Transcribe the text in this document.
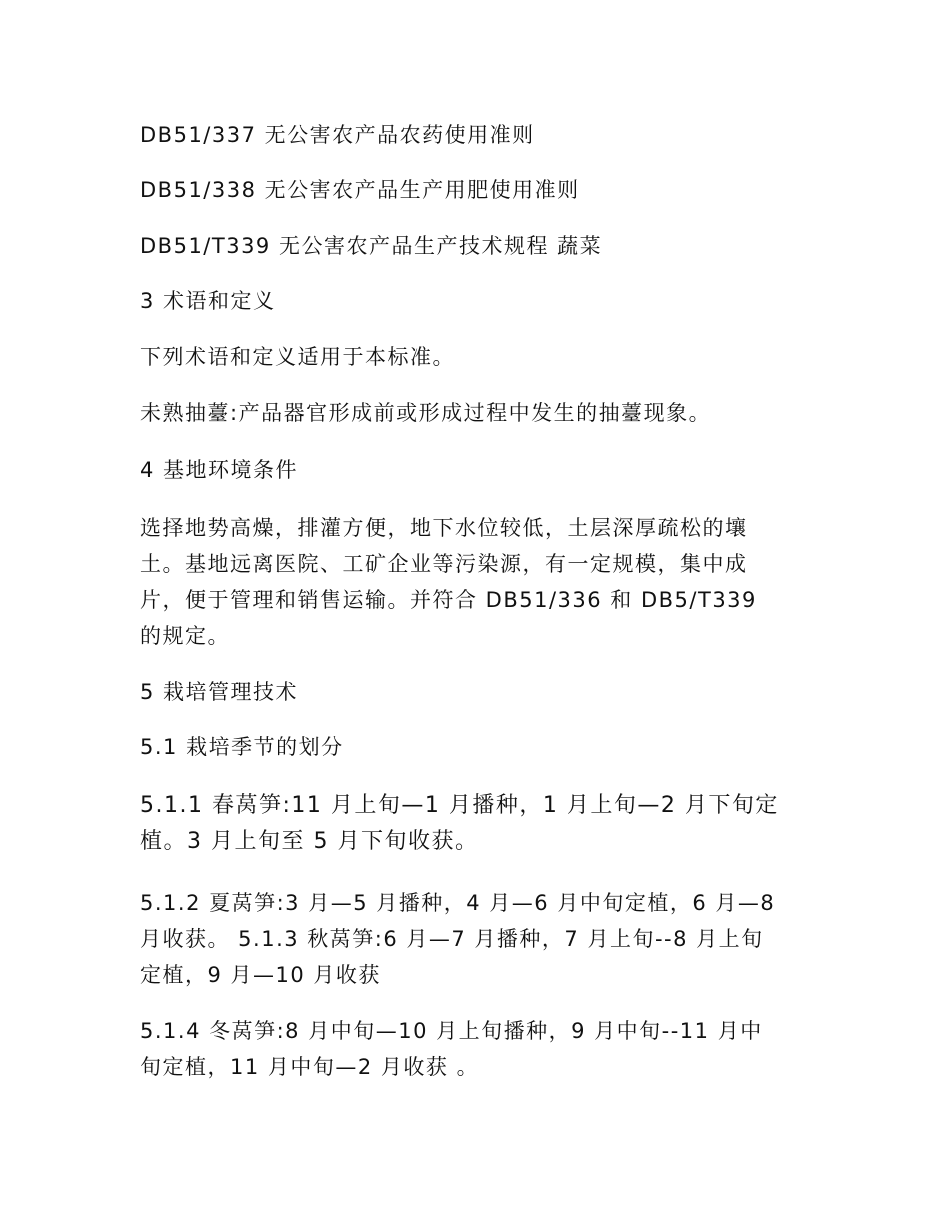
DB51/337 无公害农产品农药使用准则

DB51/338 无公害农产品生产用肥使用准则

DB51/T339 无公害农产品生产技术规程 蔬菜

3 术语和定义

下列术语和定义适用于本标准。

未熟抽薹:产品器官形成前或形成过程中发生的抽薹现象。

4 基地环境条件

选择地势高燥，排灌方便，地下水位较低，土层深厚疏松的壤
土。基地远离医院、工矿企业等污染源，有一定规模，集中成
片，便于管理和销售运输。并符合 DB51/336 和 DB5/T339
的规定。

5 栽培管理技术

5.1 栽培季节的划分

5.1.1 春莴笋:11 月上旬—1 月播种，1 月上旬—2 月下旬定
植。3 月上旬至 5 月下旬收获。

5.1.2 夏莴笋:3 月—5 月播种，4 月—6 月中旬定植，6 月—8
月收获。 5.1.3 秋莴笋:6 月—7 月播种，7 月上旬--8 月上旬
定植，9 月—10 月收获

5.1.4 冬莴笋:8 月中旬—10 月上旬播种，9 月中旬--11 月中
旬定植，11 月中旬—2 月收获 。
